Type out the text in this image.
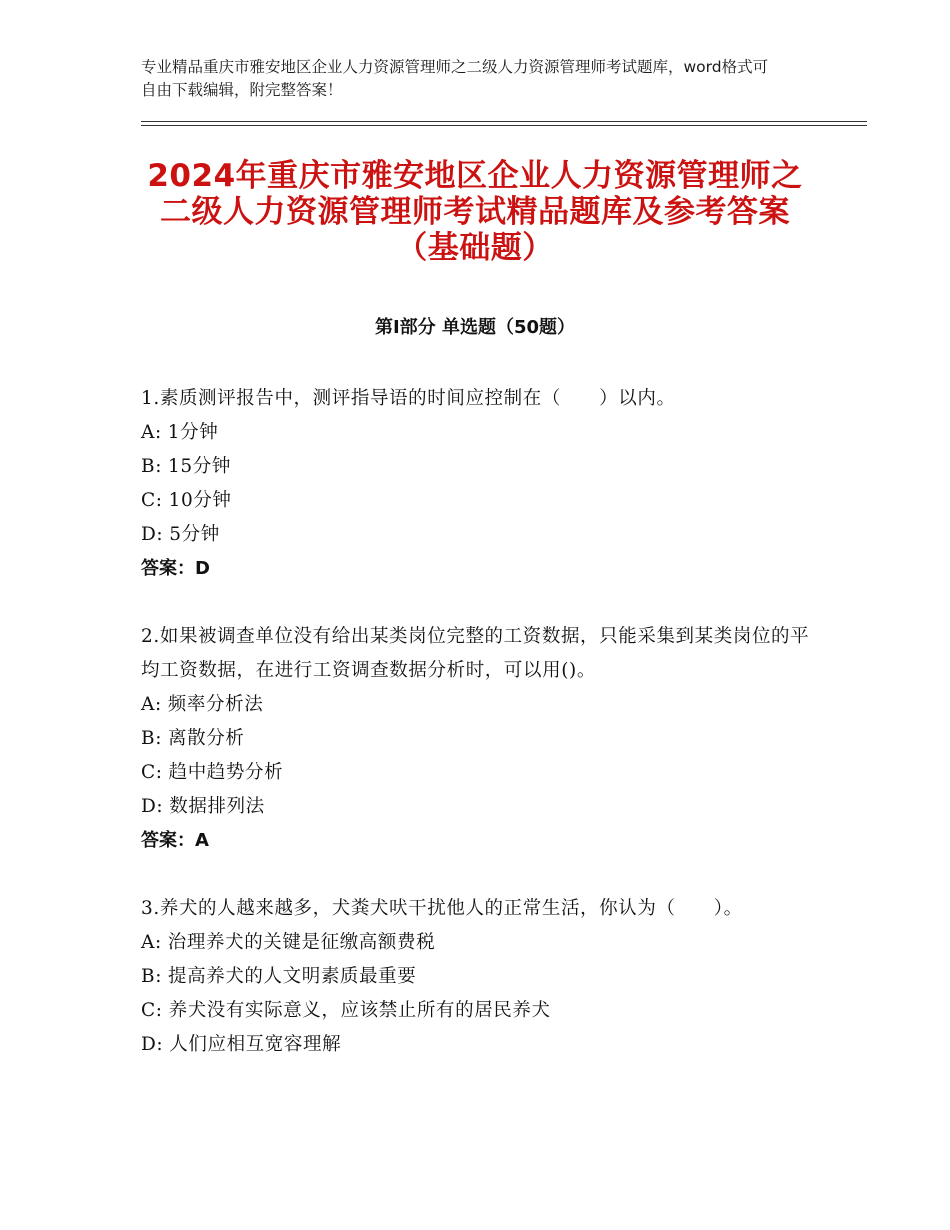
专业精品重庆市雅安地区企业人力资源管理师之二级人力资源管理师考试题库，word格式可自由下载编辑，附完整答案！
2024年重庆市雅安地区企业人力资源管理师之二级人力资源管理师考试精品题库及参考答案（基础题）
第Ⅰ部分 单选题（50题）
1.素质测评报告中，测评指导语的时间应控制在（　　）以内。
A: 1分钟
B: 15分钟
C: 10分钟
D: 5分钟
答案：D
2.如果被调查单位没有给出某类岗位完整的工资数据，只能采集到某类岗位的平均工资数据，在进行工资调查数据分析时，可以用()。
A: 频率分析法
B: 离散分析
C: 趋中趋势分析
D: 数据排列法
答案：A
3.养犬的人越来越多，犬粪犬吠干扰他人的正常生活，你认为（　　）。
A: 治理养犬的关键是征缴高额费税
B: 提高养犬的人文明素质最重要
C: 养犬没有实际意义，应该禁止所有的居民养犬
D: 人们应相互宽容理解
